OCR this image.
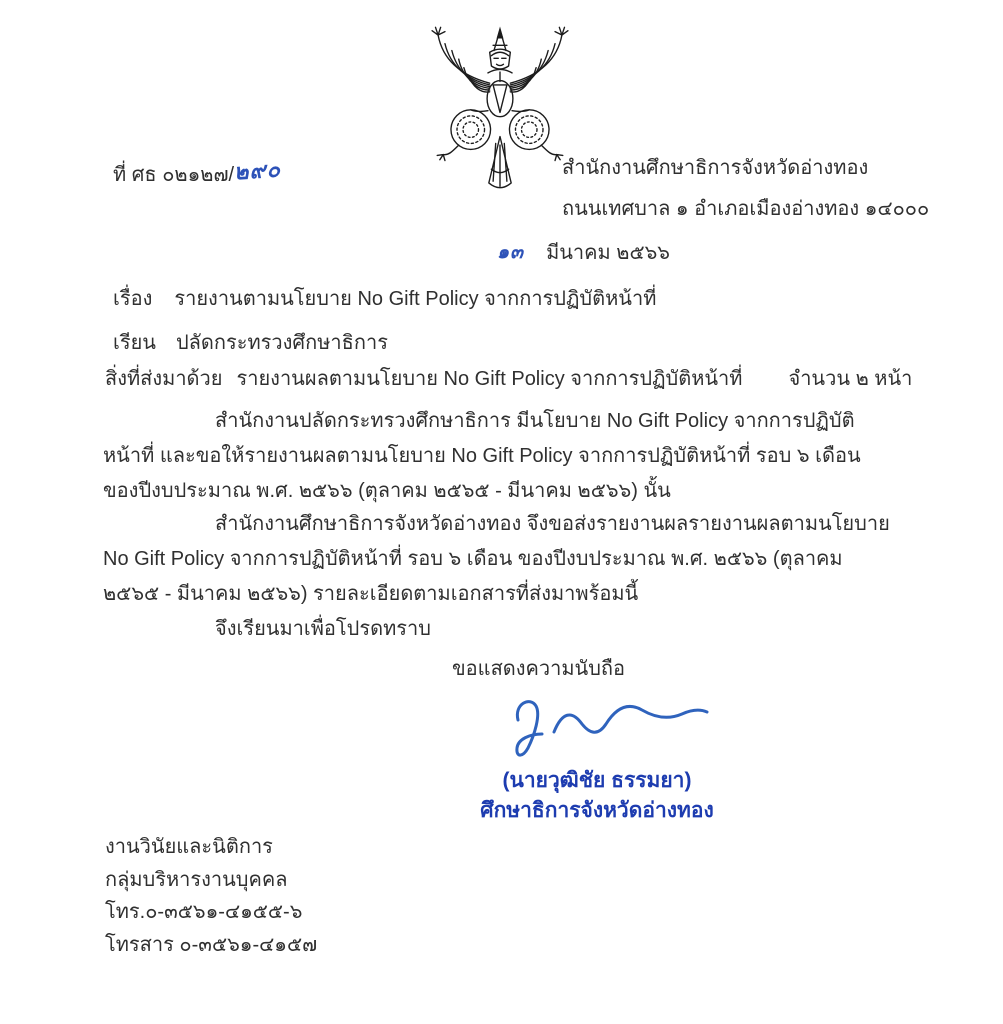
ที่ ศธ ๐๒๑๒๗/๒๙๐	สำนักงานศึกษาธิการจังหวัดอ่างทอง
ถนนเทศบาล ๑ อำเภอเมืองอ่างทอง ๑๔๐๐๐
๑๓ มีนาคม ๒๕๖๖
เรื่อง รายงานตามนโยบาย No Gift Policy จากการปฏิบัติหน้าที่
เรียน ปลัดกระทรวงศึกษาธิการ
สิ่งที่ส่งมาด้วย รายงานผลตามนโยบาย No Gift Policy จากการปฏิบัติหน้าที่ จำนวน ๒ หน้า
สำนักงานปลัดกระทรวงศึกษาธิการ มีนโยบาย No Gift Policy จากการปฏิบัติหน้าที่ และขอให้รายงานผลตามนโยบาย No Gift Policy จากการปฏิบัติหน้าที่ รอบ ๖ เดือน ของปีงบประมาณ พ.ศ. ๒๕๖๖ (ตุลาคม ๒๕๖๕ - มีนาคม ๒๕๖๖) นั้น
สำนักงานศึกษาธิการจังหวัดอ่างทอง จึงขอส่งรายงานผลรายงานผลตามนโยบาย No Gift Policy จากการปฏิบัติหน้าที่ รอบ ๖ เดือน ของปีงบประมาณ พ.ศ. ๒๕๖๖ (ตุลาคม ๒๕๖๕ - มีนาคม ๒๕๖๖) รายละเอียดตามเอกสารที่ส่งมาพร้อมนี้
จึงเรียนมาเพื่อโปรดทราบ
ขอแสดงความนับถือ
(นายวุฒิชัย ธรรมยา)
ศึกษาธิการจังหวัดอ่างทอง
งานวินัยและนิติการ
กลุ่มบริหารงานบุคคล
โทร.๐-๓๕๖๑-๔๑๕๕-๖
โทรสาร ๐-๓๕๖๑-๔๑๕๗
